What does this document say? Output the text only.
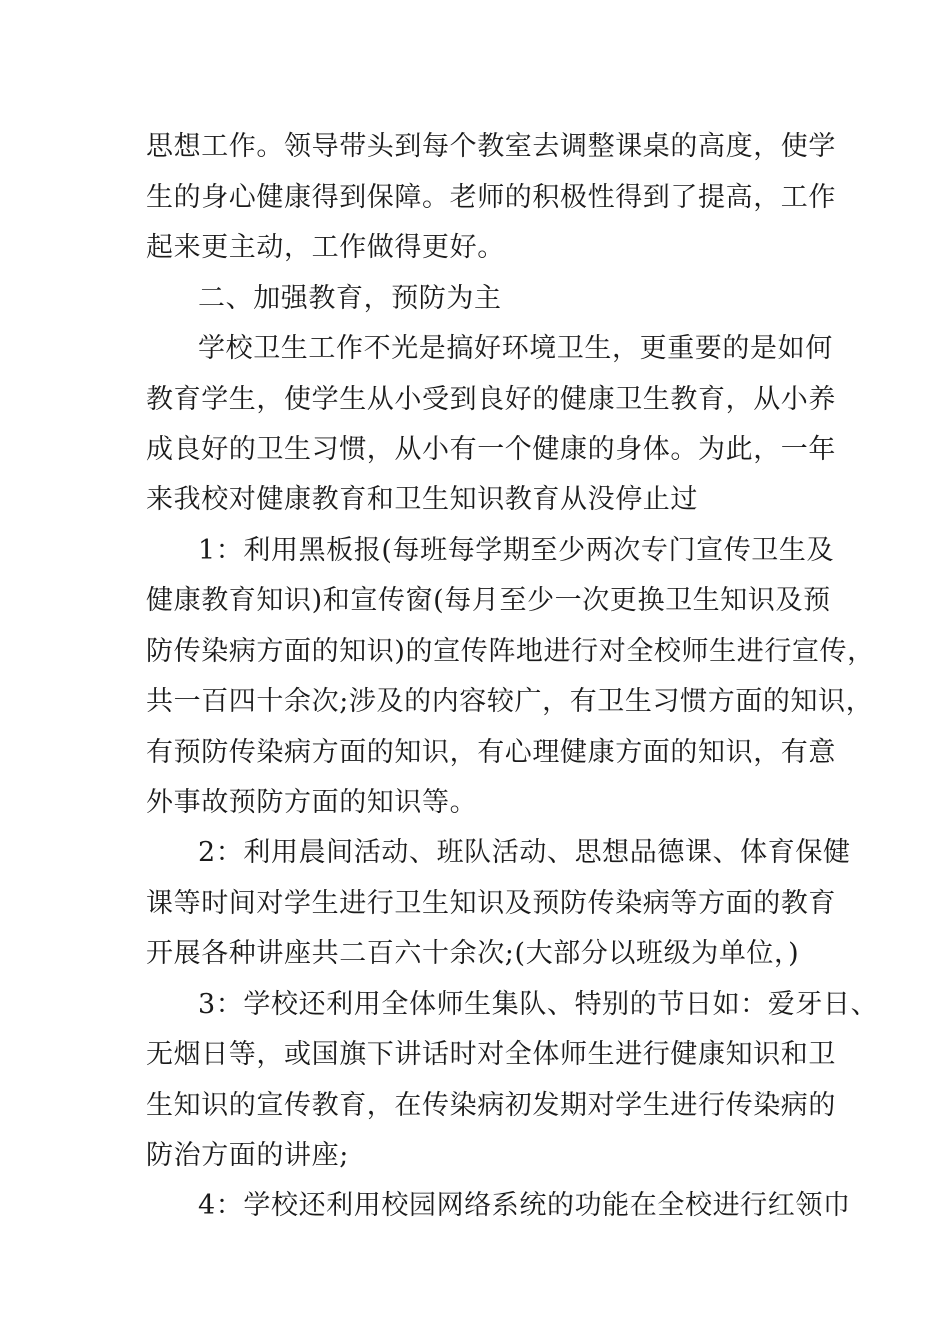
思想工作。领导带头到每个教室去调整课桌的高度，使学
生的身心健康得到保障。老师的积极性得到了提高，工作
起来更主动，工作做得更好。
二、加强教育，预防为主
学校卫生工作不光是搞好环境卫生，更重要的是如何
教育学生，使学生从小受到良好的健康卫生教育，从小养
成良好的卫生习惯，从小有一个健康的身体。为此，一年
来我校对健康教育和卫生知识教育从没停止过
1：利用黑板报(每班每学期至少两次专门宣传卫生及
健康教育知识)和宣传窗(每月至少一次更换卫生知识及预
防传染病方面的知识)的宣传阵地进行对全校师生进行宣传，
共一百四十余次;涉及的内容较广，有卫生习惯方面的知识，
有预防传染病方面的知识，有心理健康方面的知识，有意
外事故预防方面的知识等。
2：利用晨间活动、班队活动、思想品德课、体育保健
课等时间对学生进行卫生知识及预防传染病等方面的教育
开展各种讲座共二百六十余次;(大部分以班级为单位，)
3：学校还利用全体师生集队、特别的节日如：爱牙日、
无烟日等，或国旗下讲话时对全体师生进行健康知识和卫
生知识的宣传教育，在传染病初发期对学生进行传染病的
防治方面的讲座;
4：学校还利用校园网络系统的功能在全校进行红领巾
